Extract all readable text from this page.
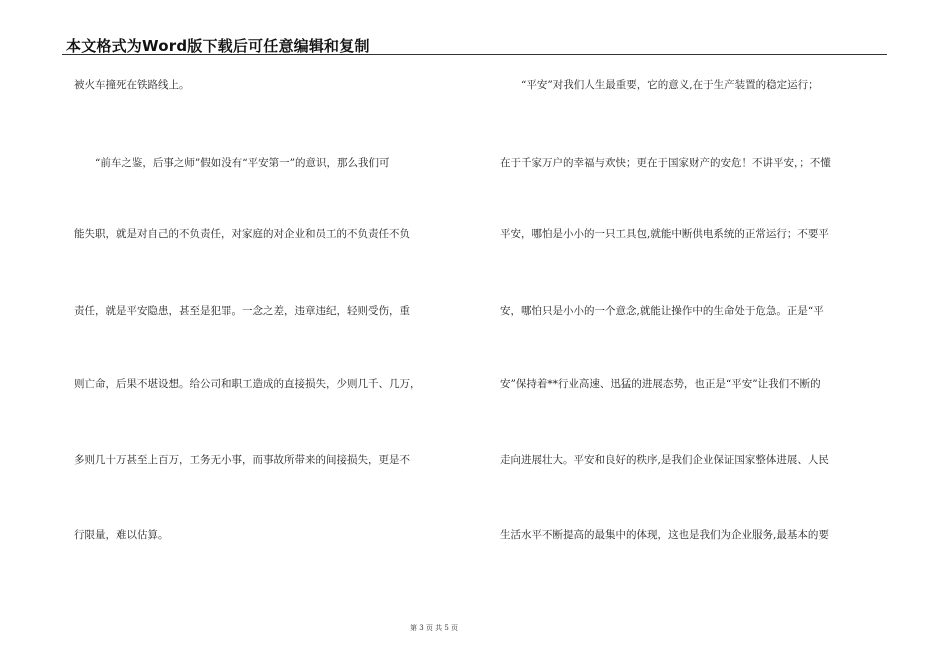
本文格式为Word版下载后可任意编辑和复制
被火车撞死在铁路线上。
　　“前车之鉴，后事之师”假如没有“平安第一”的意识，那么我们可
能失职，就是对自己的不负责任，对家庭的对企业和员工的不负责任不负
责任，就是平安隐患，甚至是犯罪。一念之差，违章违纪，轻则受伤，重
则亡命，后果不堪设想。给公司和职工造成的直接损失，少则几千、几万，
多则几十万甚至上百万，工务无小事，而事故所带来的间接损失，更是不
行限量，难以估算。
　　“平安”对我们人生最重要，它的意义,在于生产装置的稳定运行；
在于千家万户的幸福与欢快；更在于国家财产的安危！不讲平安，；不懂
平安，哪怕是小小的一只工具包,就能中断供电系统的正常运行；不要平
安，哪怕只是小小的一个意念,就能让操作中的生命处于危急。正是“平
安”保持着**行业高速、迅猛的进展态势，也正是“平安”让我们不断的
走向进展壮大。平安和良好的秩序,是我们企业保证国家整体进展、人民
生活水平不断提高的最集中的体现，这也是我们为企业服务,最基本的要
第 3 页 共 5 页
